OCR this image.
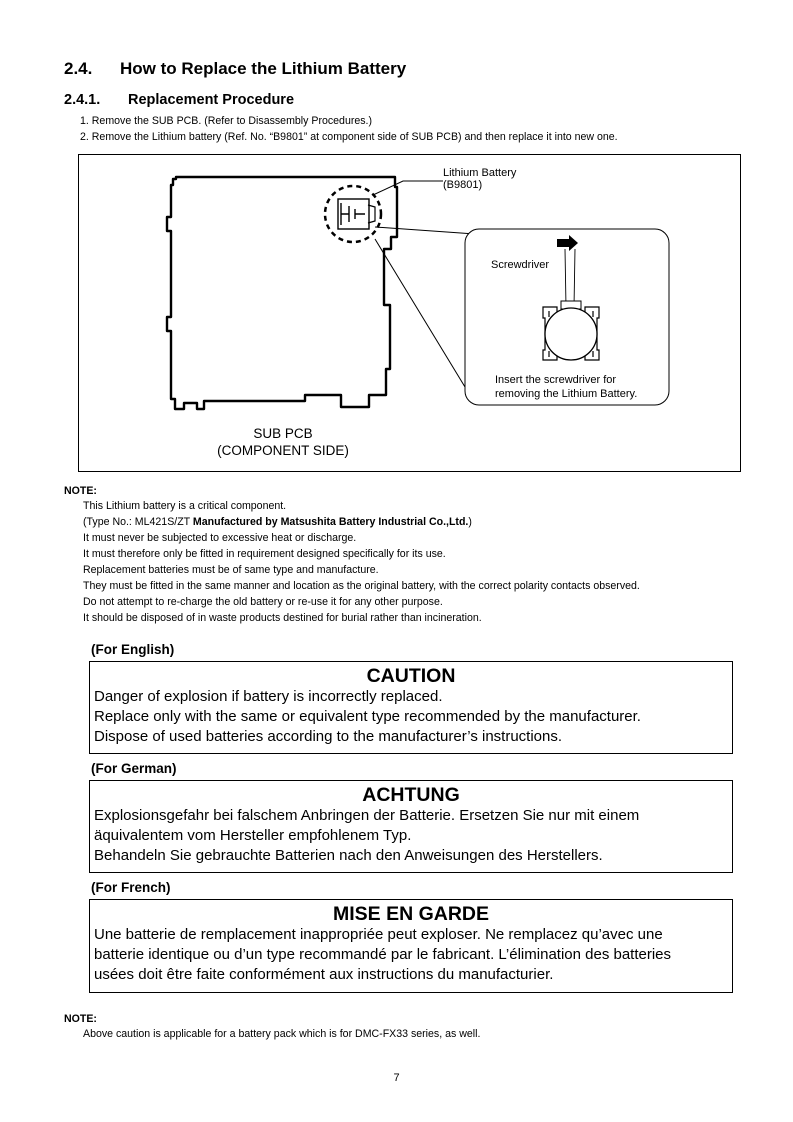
2.4. How to Replace the Lithium Battery
2.4.1. Replacement Procedure
1. Remove the SUB PCB. (Refer to Disassembly Procedures.)
2. Remove the Lithium battery (Ref. No. “B9801” at component side of SUB PCB) and then replace it into new one.
Lithium Battery
(B9801)
Screwdriver
Insert the screwdriver for
removing the Lithium Battery.
SUB PCB
(COMPONENT SIDE)
NOTE:
This Lithium battery is a critical component.
(Type No.: ML421S/ZT Manufactured by Matsushita Battery Industrial Co.,Ltd.)
It must never be subjected to excessive heat or discharge.
It must therefore only be fitted in requirement designed specifically for its use.
Replacement batteries must be of same type and manufacture.
They must be fitted in the same manner and location as the original battery, with the correct polarity contacts observed.
Do not attempt to re-charge the old battery or re-use it for any other purpose.
It should be disposed of in waste products destined for burial rather than incineration.
(For English)
CAUTION
Danger of explosion if battery is incorrectly replaced.
Replace only with the same or equivalent type recommended by the manufacturer.
Dispose of used batteries according to the manufacturer’s instructions.
(For German)
ACHTUNG
Explosionsgefahr bei falschem Anbringen der Batterie. Ersetzen Sie nur mit einem
äquivalentem vom Hersteller empfohlenem Typ.
Behandeln Sie gebrauchte Batterien nach den Anweisungen des Herstellers.
(For French)
MISE EN GARDE
Une batterie de remplacement inappropriée peut exploser. Ne remplacez qu’avec une
batterie identique ou d’un type recommandé par le fabricant. L’élimination des batteries
usées doit être faite conformément aux instructions du manufacturier.
NOTE:
Above caution is applicable for a battery pack which is for DMC-FX33 series, as well.
7
